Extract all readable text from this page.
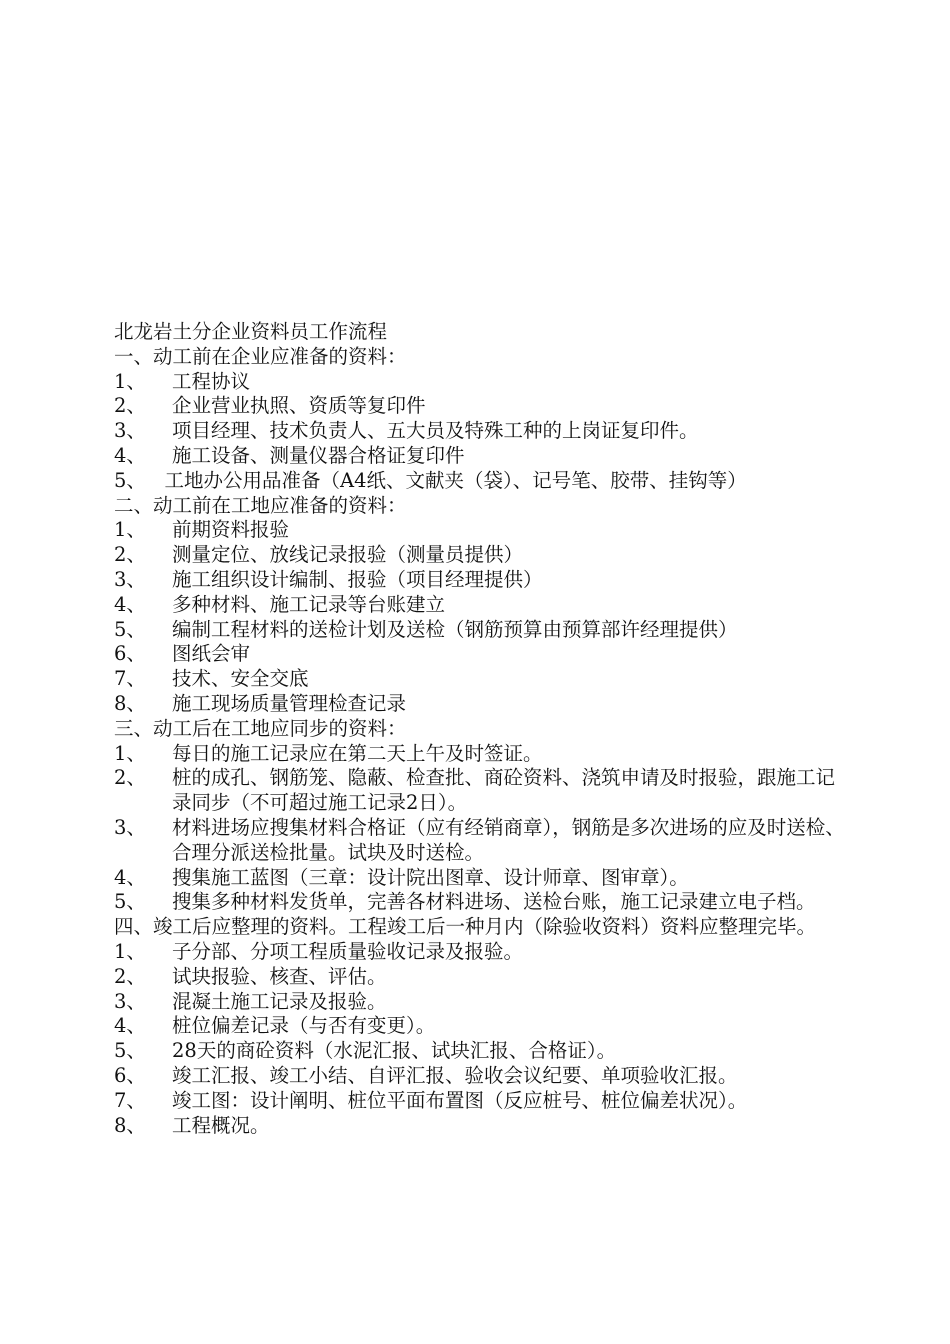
北龙岩土分企业资料员工作流程
一、动工前在企业应准备的资料：
1、	工程协议
2、	企业营业执照、资质等复印件
3、	项目经理、技术负责人、五大员及特殊工种的上岗证复印件。
4、	施工设备、测量仪器合格证复印件
5、 工地办公用品准备（A4纸、文献夹（袋）、记号笔、胶带、挂钩等）
二、动工前在工地应准备的资料：
1、	前期资料报验
2、	测量定位、放线记录报验（测量员提供）
3、	施工组织设计编制、报验（项目经理提供）
4、	多种材料、施工记录等台账建立
5、	编制工程材料的送检计划及送检（钢筋预算由预算部许经理提供）
6、	图纸会审
7、	技术、安全交底
8、	施工现场质量管理检查记录
三、动工后在工地应同步的资料：
1、	每日的施工记录应在第二天上午及时签证。
2、	桩的成孔、钢筋笼、隐蔽、检查批、商砼资料、浇筑申请及时报验，跟施工记录同步（不可超过施工记录2日）。
3、	材料进场应搜集材料合格证（应有经销商章），钢筋是多次进场的应及时送检、合理分派送检批量。试块及时送检。
4、	搜集施工蓝图（三章：设计院出图章、设计师章、图审章）。
5、	搜集多种材料发货单，完善各材料进场、送检台账，施工记录建立电子档。
四、竣工后应整理的资料。工程竣工后一种月内（除验收资料）资料应整理完毕。
1、	子分部、分项工程质量验收记录及报验。
2、	试块报验、核查、评估。
3、	混凝土施工记录及报验。
4、	桩位偏差记录（与否有变更）。
5、	28天的商砼资料（水泥汇报、试块汇报、合格证）。
6、	竣工汇报、竣工小结、自评汇报、验收会议纪要、单项验收汇报。
7、	竣工图：设计阐明、桩位平面布置图（反应桩号、桩位偏差状况）。
8、	工程概况。
